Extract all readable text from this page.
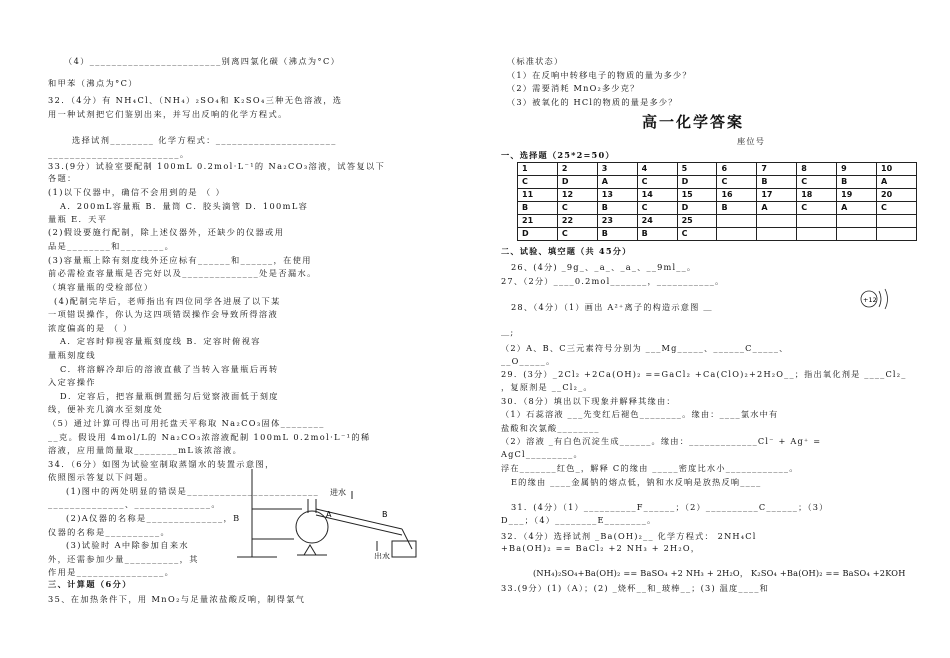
（4）________________________别离四氯化碳（沸点为°C）
和甲苯（沸点为°C）
32．（4分）有 NH₄Cl、（NH₄）₂SO₄和 K₂SO₄三种无色溶液，选
用一种试剂把它们鉴别出来，并写出反响的化学方程式。
选择试剂________ 化学方程式：______________________
________________________。
33.(9分）试验室要配制 100mL 0.2mol·L⁻¹的 Na₂CO₃溶液，试答复以下
各题：
(1)以下仪器中，确信不会用到的是 （ ）
A．200mL容量瓶 B．量筒 C．胶头滴管 D．100mL容
量瓶 E．天平
(2)假设要施行配制，除上述仪器外，还缺少的仪器或用
品是________和________。
(3)容量瓶上除有刻度线外还应标有______和______，在使用
前必需检查容量瓶是否完好以及______________处是否漏水。
（填容量瓶的受检部位）
(4)配制完毕后，老师指出有四位同学各进展了以下某
一项错误操作，你认为这四项错误操作会导致所得溶液
浓度偏高的是 （ ）
A．定容时仰视容量瓶刻度线 B．定容时俯视容
量瓶刻度线
C．将溶解冷却后的溶液直截了当转入容量瓶后再转
入定容操作
D．定容后，把容量瓶倒置摇匀后觉察液面低于刻度
线，便补充几滴水至刻度处
（5）通过计算可得出可用托盘天平称取 Na₂CO₃固体________
__克。假设用 4mol/L的 Na₂CO₃浓溶液配制 100mL 0.2mol·L⁻¹的稀
溶液，应用量筒量取________mL该浓溶液。
34．（6分）如图为试验室制取蒸馏水的装置示意图，
依照图示答复以下问题。
(1)图中的两处明显的错误是________________________
______________、______________。
(2)A仪器的名称是______________，B
仪器的名称是__________。
(3)试验时 A中除参加自来水
外，还需参加少量__________，其
作用是________________。
三、计算题（6分）
35、在加热条件下，用 MnO₂与足量浓盐酸反响，制得氯气
进水
出水
A	B
（标准状态）
（1）在反响中转移电子的物质的量为多少？
（2）需要消耗 MnO₂多少克？
（3）被氧化的 HCl的物质的量是多少？
高一化学答案
座位号
一、选择题（25*2=50）
1	2	3	4	5	6	7	8	9	10
C	D	A	C	D	C	B	C	B	A
11	12	13	14	15	16	17	18	19	20
B	C	B	C	D	B	A	C	A	C
21	22	23	24	25					
D	C	B	B	C					
二、试验、填空题（共 45分）
26、(4分) _9g_、_a_、_a_、__9ml__。
27、（2分）____0.2mol_______，___________。
28、（4分）（1）画出 A²⁺离子的构造示意图 ＿
+12
＿;
（2）A、B、C三元素符号分别为 ___Mg_____、______C_____、
__O_____。
29．(3分）_2Cl₂ +2Ca(OH)₂ ==GaCl₂ +Ca(ClO)₂+2H₂O__；指出氧化剂是 ____Cl₂_
，复原剂是 __Cl₂_。
30．（8分）填出以下现象并解释其缘由：
（1）石蕊溶液 ___先变红后褪色________。缘由：____氯水中有
盐酸和次氯酸________
（2）溶液 _有白色沉淀生成______。缘由：_____________Cl⁻ + Ag⁺ =
AgCl_________。
浮在_______红色_，解释 C的缘由 _____密度比水小____________。
E的缘由 ____金属钠的熔点低，钠和水反响是放热反响____
31．(4分）（1）__________F______；（2）__________C______；（3）
D___；（4）________E________。
32．（4分）选择试剂 _Ba(OH)₂__ 化学方程式： 2NH₄Cl
+Ba(OH)₂ == BaCl₂ +2 NH₃ + 2H₂O，
(NH₄)₂SO₄+Ba(OH)₂ == BaSO₄ +2 NH₃ + 2H₂O， K₂SO₄ +Ba(OH)₂ == BaSO₄ +2KOH
33.(9分）(1)（A）；(2) _烧杯__和_玻棒__；(3) 温度____和
